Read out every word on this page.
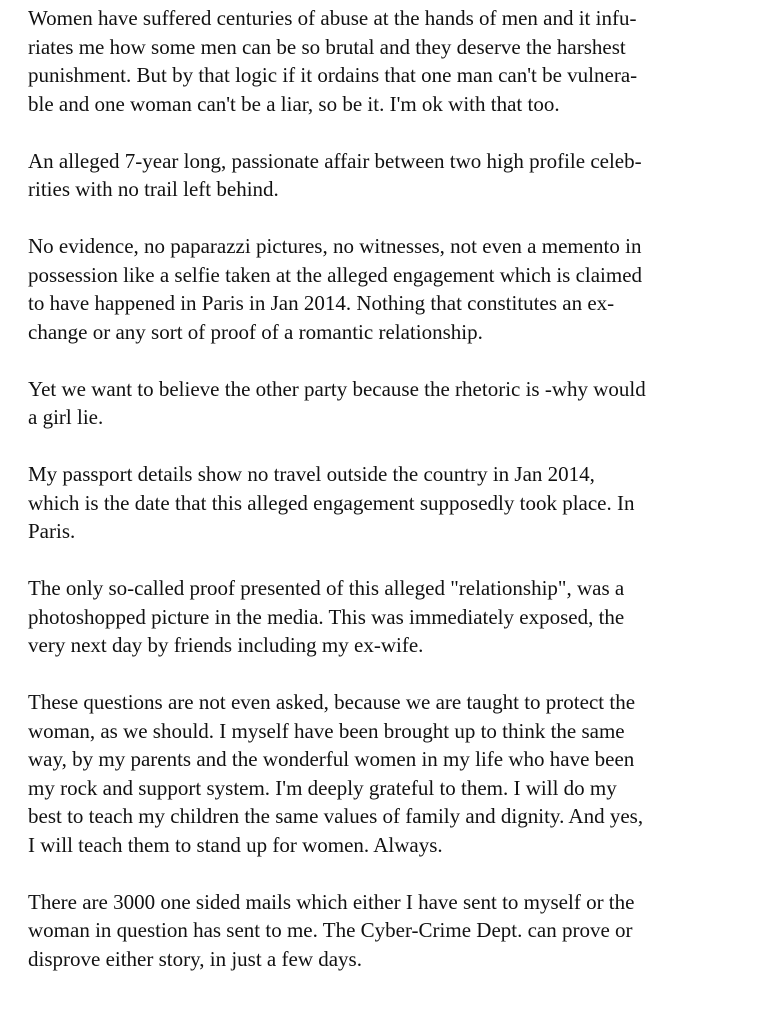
Women have suffered centuries of abuse at the hands of men and it infu-
riates me how some men can be so brutal and they deserve the harshest
punishment. But by that logic if it ordains that one man can't be vulnera-
ble and one woman can't be a liar, so be it. I'm ok with that too.

An alleged 7-year long, passionate affair between two high profile celeb-
rities with no trail left behind.

No evidence, no paparazzi pictures, no witnesses, not even a memento in
possession like a selfie taken at the alleged engagement which is claimed
to have happened in Paris in Jan 2014. Nothing that constitutes an ex-
change or any sort of proof of a romantic relationship.

Yet we want to believe the other party because the rhetoric is -why would
a girl lie.

My passport details show no travel outside the country in Jan 2014,
which is the date that this alleged engagement supposedly took place. In
Paris.

The only so-called proof presented of this alleged "relationship", was a
photoshopped picture in the media. This was immediately exposed, the
very next day by friends including my ex-wife.

These questions are not even asked, because we are taught to protect the
woman, as we should. I myself have been brought up to think the same
way, by my parents and the wonderful women in my life who have been
my rock and support system. I'm deeply grateful to them. I will do my
best to teach my children the same values of family and dignity. And yes,
I will teach them to stand up for women. Always.

There are 3000 one sided mails which either I have sent to myself or the
woman in question has sent to me. The Cyber-Crime Dept. can prove or
disprove either story, in just a few days.
